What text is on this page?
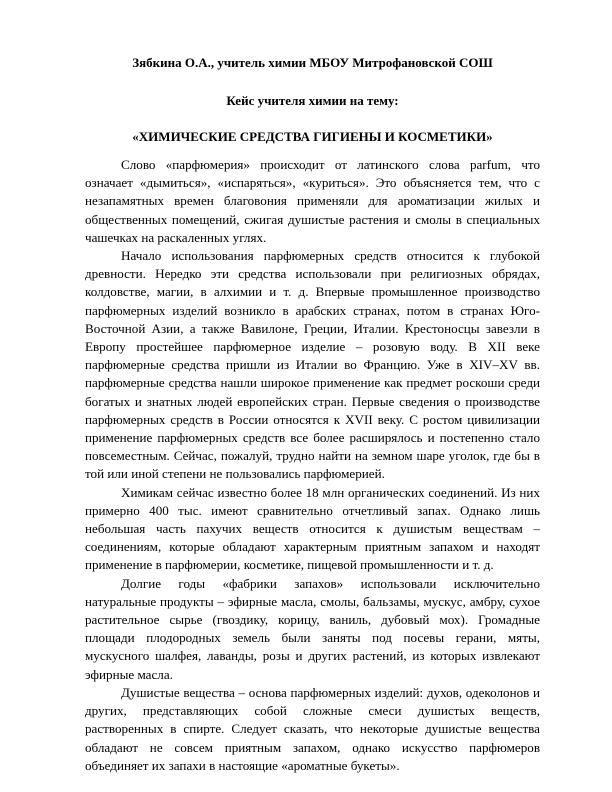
Зябкина О.А., учитель химии МБОУ Митрофановской СОШ
Кейс учителя химии на тему:
«ХИМИЧЕСКИЕ СРЕДСТВА ГИГИЕНЫ И КОСМЕТИКИ»

Слово «парфюмерия» происходит от латинского слова parfum, что означает «дымиться», «испаряться», «куриться». Это объясняется тем, что с незапамятных времен благовония применяли для ароматизации жилых и общественных помещений, сжигая душистые растения и смолы в специальных чашечках на раскаленных углях.

Начало использования парфюмерных средств относится к глубокой древности. Нередко эти средства использовали при религиозных обрядах, колдовстве, магии, в алхимии и т. д. Впервые промышленное производство парфюмерных изделий возникло в арабских странах, потом в странах Юго-Восточной Азии, а также Вавилоне, Греции, Италии. Крестоносцы завезли в Европу простейшее парфюмерное изделие – розовую воду. В XII веке парфюмерные средства пришли из Италии во Францию. Уже в XIV–XV вв. парфюмерные средства нашли широкое применение как предмет роскоши среди богатых и знатных людей европейских стран. Первые сведения о производстве парфюмерных средств в России относятся к XVII веку. С ростом цивилизации применение парфюмерных средств все более расширялось и постепенно стало повсеместным. Сейчас, пожалуй, трудно найти на земном шаре уголок, где бы в той или иной степени не пользовались парфюмерией.

Химикам сейчас известно более 18 млн органических соединений. Из них примерно 400 тыс. имеют сравнительно отчетливый запах. Однако лишь небольшая часть пахучих веществ относится к душистым веществам – соединениям, которые обладают характерным приятным запахом и находят применение в парфюмерии, косметике, пищевой промышленности и т. д.

Долгие годы «фабрики запахов» использовали исключительно натуральные продукты – эфирные масла, смолы, бальзамы, мускус, амбру, сухое растительное сырье (гвоздику, корицу, ваниль, дубовый мох). Громадные площади плодородных земель были заняты под посевы герани, мяты, мускусного шалфея, лаванды, розы и других растений, из которых извлекают эфирные масла.

Душистые вещества – основа парфюмерных изделий: духов, одеколонов и других, представляющих собой сложные смеси душистых веществ, растворенных в спирте. Следует сказать, что некоторые душистые вещества обладают не совсем приятным запахом, однако искусство парфюмеров объединяет их запахи в настоящие «ароматные букеты».
